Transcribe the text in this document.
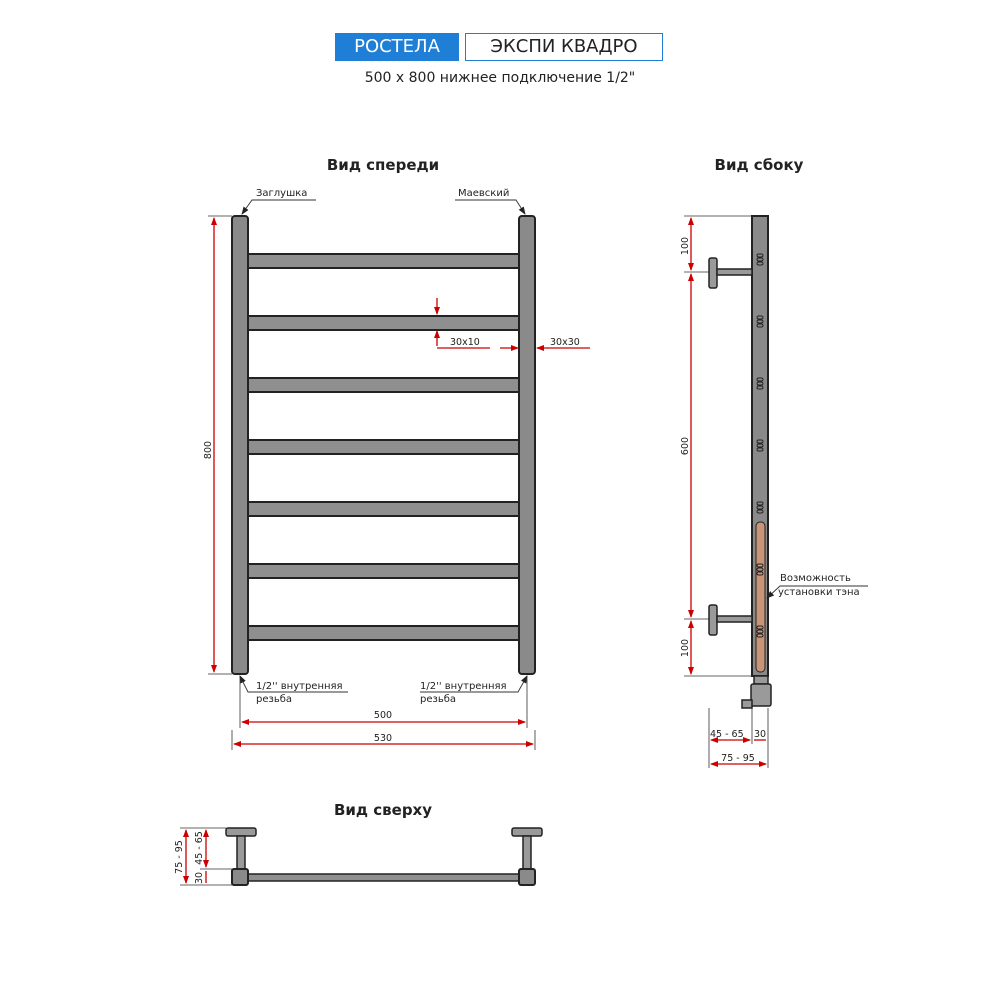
РОСТЕЛА	ЭКСПИ КВАДРО
500 х 800 нижнее подключение 1/2"
Вид спереди
Заглушка	Маевский
800
30x10	30x30
1/2'' внутренняя
резьба
1/2'' внутренняя
резьба
500
530
Вид сбоку
100
600
100
Возможность
установки тэна
45 - 65 30
75 - 95
Вид сверху
75 - 95 45 - 65
30
